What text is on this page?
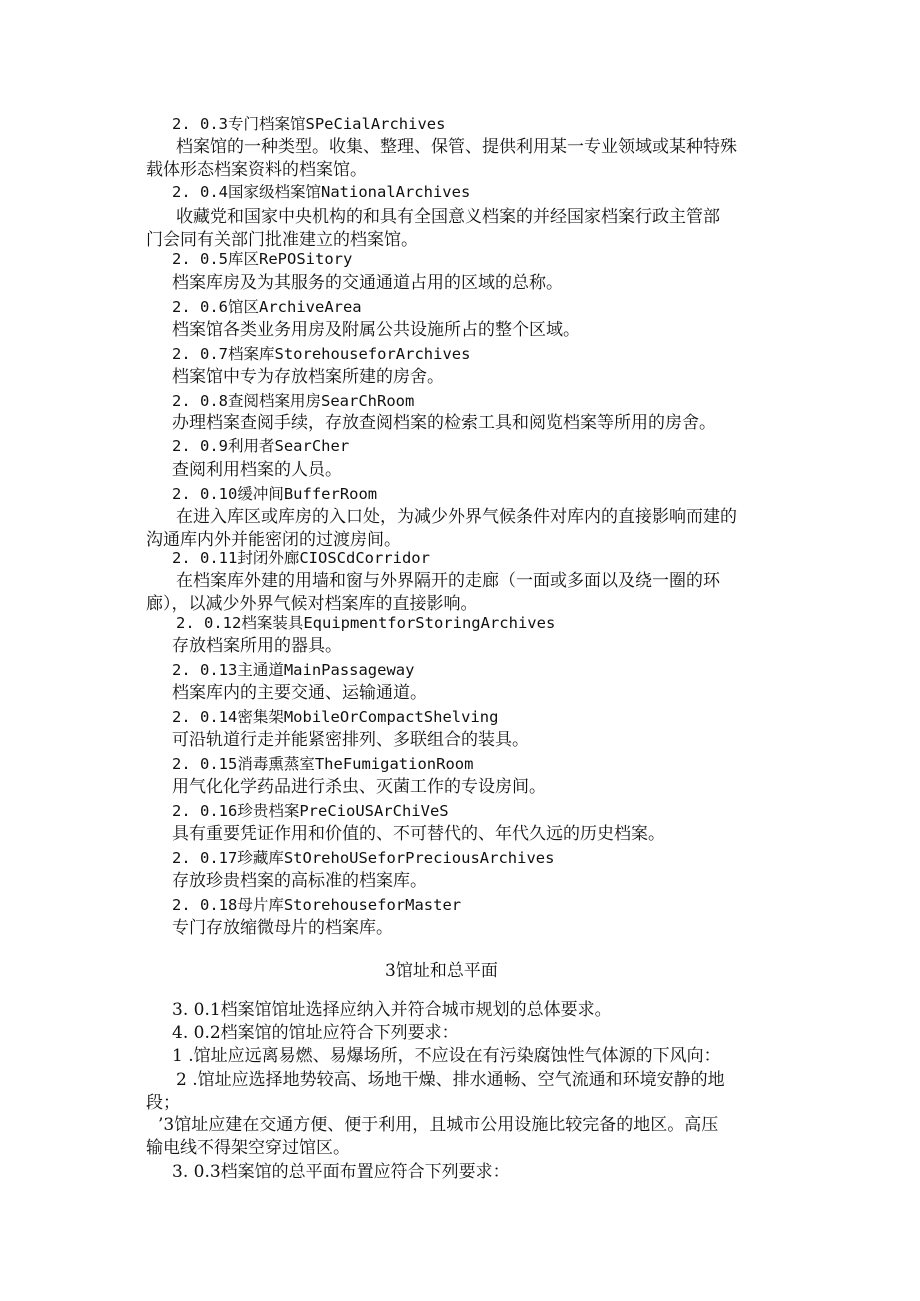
2. 0.3专门档案馆SPeCialArchives
档案馆的一种类型。收集、整理、保管、提供利用某一专业领域或某种特殊
载体形态档案资料的档案馆。
2. 0.4国家级档案馆NationalArchives
收藏党和国家中央机构的和具有全国意义档案的并经国家档案行政主管部
门会同有关部门批准建立的档案馆。
2. 0.5库区RePOSitory
档案库房及为其服务的交通通道占用的区域的总称。
2. 0.6馆区ArchiveArea
档案馆各类业务用房及附属公共设施所占的整个区域。
2. 0.7档案库StorehouseforArchives
档案馆中专为存放档案所建的房舍。
2. 0.8查阅档案用房SearChRoom
办理档案查阅手续，存放查阅档案的检索工具和阅览档案等所用的房舍。
2. 0.9利用者SearCher
查阅利用档案的人员。
2. 0.10缓冲间BufferRoom
在进入库区或库房的入口处，为减少外界气候条件对库内的直接影响而建的
沟通库内外并能密闭的过渡房间。
2. 0.11封闭外廊CIOSCdCorridor
在档案库外建的用墙和窗与外界隔开的走廊（一面或多面以及绕一圈的环
廊），以减少外界气候对档案库的直接影响。
2. 0.12档案装具EquipmentforStoringArchives
存放档案所用的器具。
2. 0.13主通道MainPassageway
档案库内的主要交通、运输通道。
2. 0.14密集架MobileOrCompactShelving
可沿轨道行走并能紧密排列、多联组合的装具。
2. 0.15消毒熏蒸室TheFumigationRoom
用气化化学药品进行杀虫、灭菌工作的专设房间。
2. 0.16珍贵档案PreCioUSArChiVeS
具有重要凭证作用和价值的、不可替代的、年代久远的历史档案。
2. 0.17珍藏库StOrehoUSeforPreciousArchives
存放珍贵档案的高标准的档案库。
2. 0.18母片库StorehouseforMaster
专门存放缩微母片的档案库。
3馆址和总平面
3. 0.1档案馆馆址选择应纳入并符合城市规划的总体要求。
4. 0.2档案馆的馆址应符合下列要求：
1 .馆址应远离易燃、易爆场所，不应设在有污染腐蚀性气体源的下风向：
2 .馆址应选择地势较高、场地干燥、排水通畅、空气流通和环境安静的地
段；
’3馆址应建在交通方便、便于利用，且城市公用设施比较完备的地区。高压
输电线不得架空穿过馆区。
3. 0.3档案馆的总平面布置应符合下列要求：
